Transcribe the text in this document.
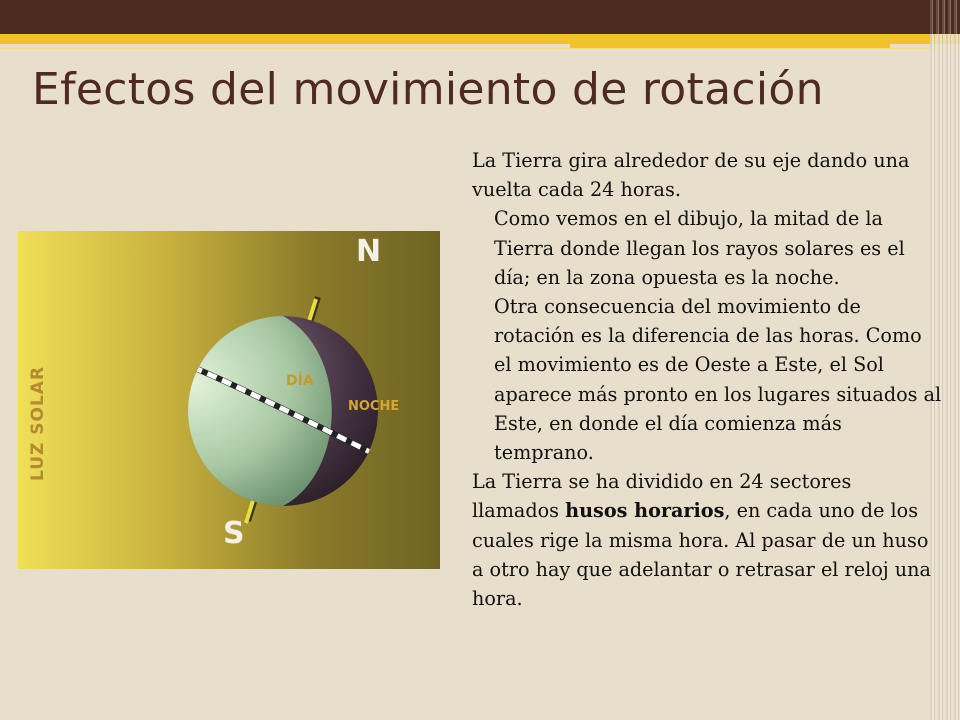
Efectos del movimiento de rotación
LUZ SOLAR	DÍA
NOCHE
N
S

La Tierra gira alrededor de su eje dando una vuelta cada 24 horas.

Como vemos en el dibujo, la mitad de la Tierra donde llegan los rayos solares es el día; en la zona opuesta es la noche.

Otra consecuencia del movimiento de rotación es la diferencia de las horas. Como el movimiento es de Oeste a Este, el Sol aparece más pronto en los lugares situados al Este, en donde el día comienza más temprano.

La Tierra se ha dividido en 24 sectores llamados husos horarios, en cada uno de los cuales rige la misma hora. Al pasar de un huso a otro hay que adelantar o retrasar el reloj una hora.
